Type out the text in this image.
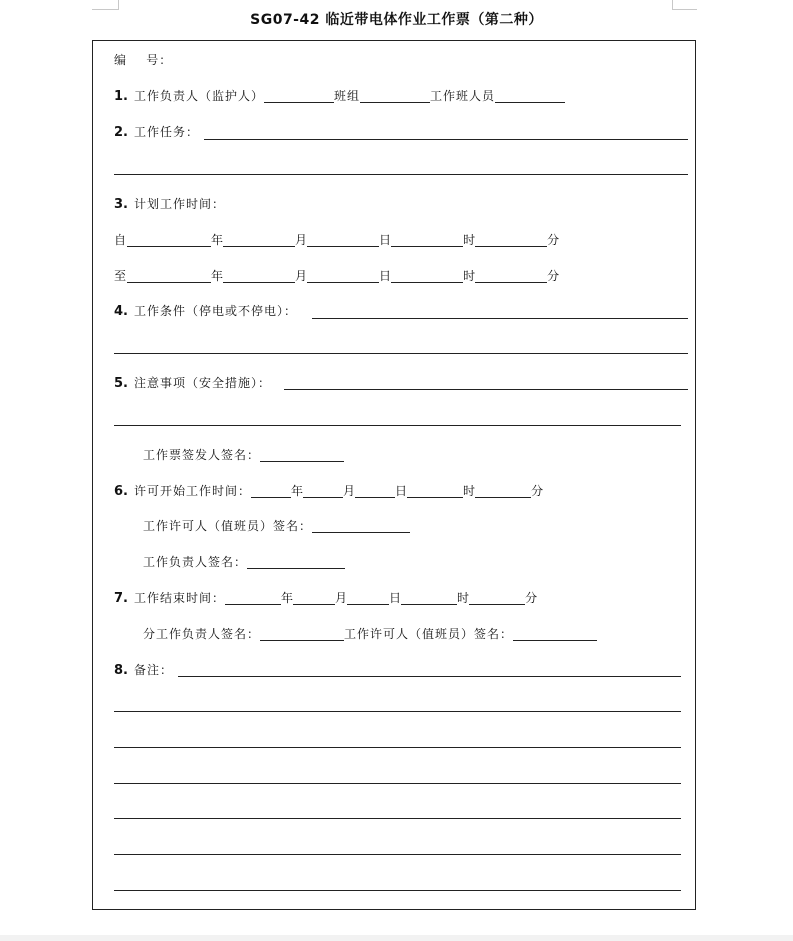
SG07-42 临近带电体作业工作票（第二种）
编    号：
1. 工作负责人（监护人）	班组	工作班人员
2. 工作任务：
3. 计划工作时间：
自	年	月	日	时	分
至	年	月	日	时	分
4. 工作条件（停电或不停电）：
5. 注意事项（安全措施）：
工作票签发人签名：
6. 许可开始工作时间：	年	月	日	时	分
工作许可人（值班员）签名：
工作负责人签名：
7. 工作结束时间：	年	月	日	时	分
分工作负责人签名：	工作许可人（值班员）签名：
8. 备注：
